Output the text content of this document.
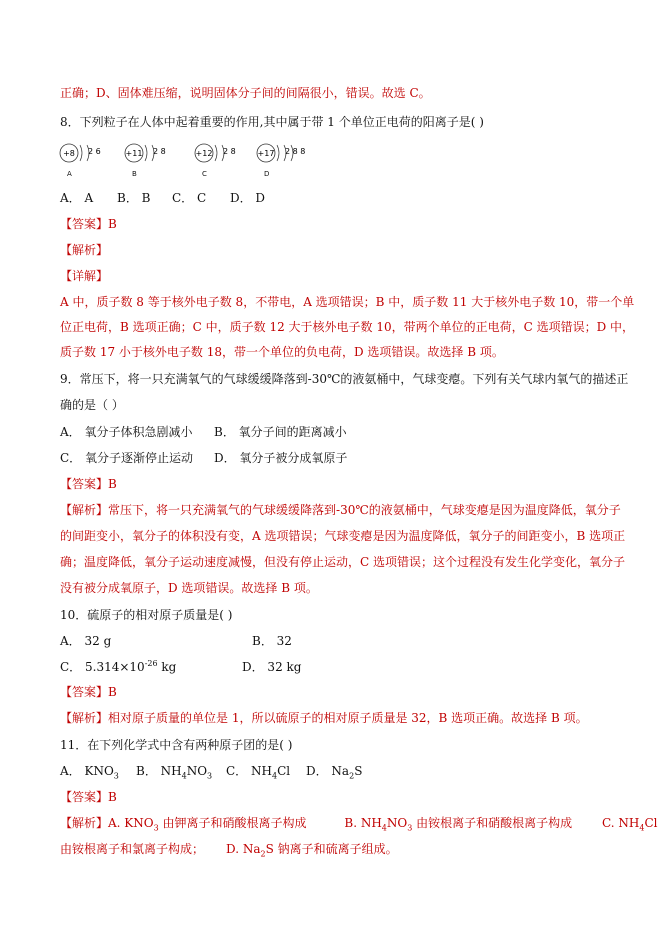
正确；D、固体难压缩，说明固体分子间的间隔很小，错误。故选 C。
8．下列粒子在人体中起着重要的作用,其中属于带 1 个单位正电荷的阳离子是( )
+8 2 6
A
+11 2 8
B
+12 2 8
C
+17 2 8 8
D
A． A B． B C． C D． D
【答案】B
【解析】
【详解】
A 中，质子数 8 等于核外电子数 8，不带电，A 选项错误；B 中，质子数 11 大于核外电子数 10，带一个单
位正电荷，B 选项正确；C 中，质子数 12 大于核外电子数 10，带两个单位的正电荷，C 选项错误；D 中，
质子数 17 小于核外电子数 18，带一个单位的负电荷，D 选项错误。故选择 B 项。
9．常压下，将一只充满氧气的气球缓缓降落到-30℃的液氨桶中，气球变瘪。下列有关气球内氧气的描述正
确的是（ ）
A． 氧分子体积急剧减小 B． 氧分子间的距离减小
C． 氧分子逐渐停止运动 D． 氧分子被分成氧原子
【答案】B
【解析】常压下，将一只充满氧气的气球缓缓降落到-30℃的液氨桶中，气球变瘪是因为温度降低，氧分子
的间距变小，氧分子的体积没有变，A 选项错误；气球变瘪是因为温度降低，氧分子的间距变小，B 选项正
确；温度降低，氧分子运动速度减慢，但没有停止运动，C 选项错误；这个过程没有发生化学变化，氧分子
没有被分成氧原子，D 选项错误。故选择 B 项。
10．硫原子的相对原子质量是( )
A． 32 g	B． 32
C． $5.314\times 10^{-26}$ kg	D． 32 kg
【答案】B
【解析】相对原子质量的单位是 1，所以硫原子的相对原子质量是 32，B 选项正确。故选择 B 项。
11．在下列化学式中含有两种原子团的是( )
A． $KNO_3$ B． $NH_4NO_3$ C． $NH_4Cl$ D． $Na_2S$
【答案】B
【解析】A. $KNO_3$ 由钾离子和硝酸根离子构成	B. $NH_4NO_3$ 由铵根离子和硝酸根离子构成 C. $NH_4Cl$
由铵根离子和氯离子构成； D. $Na_2S$ 钠离子和硫离子组成。
